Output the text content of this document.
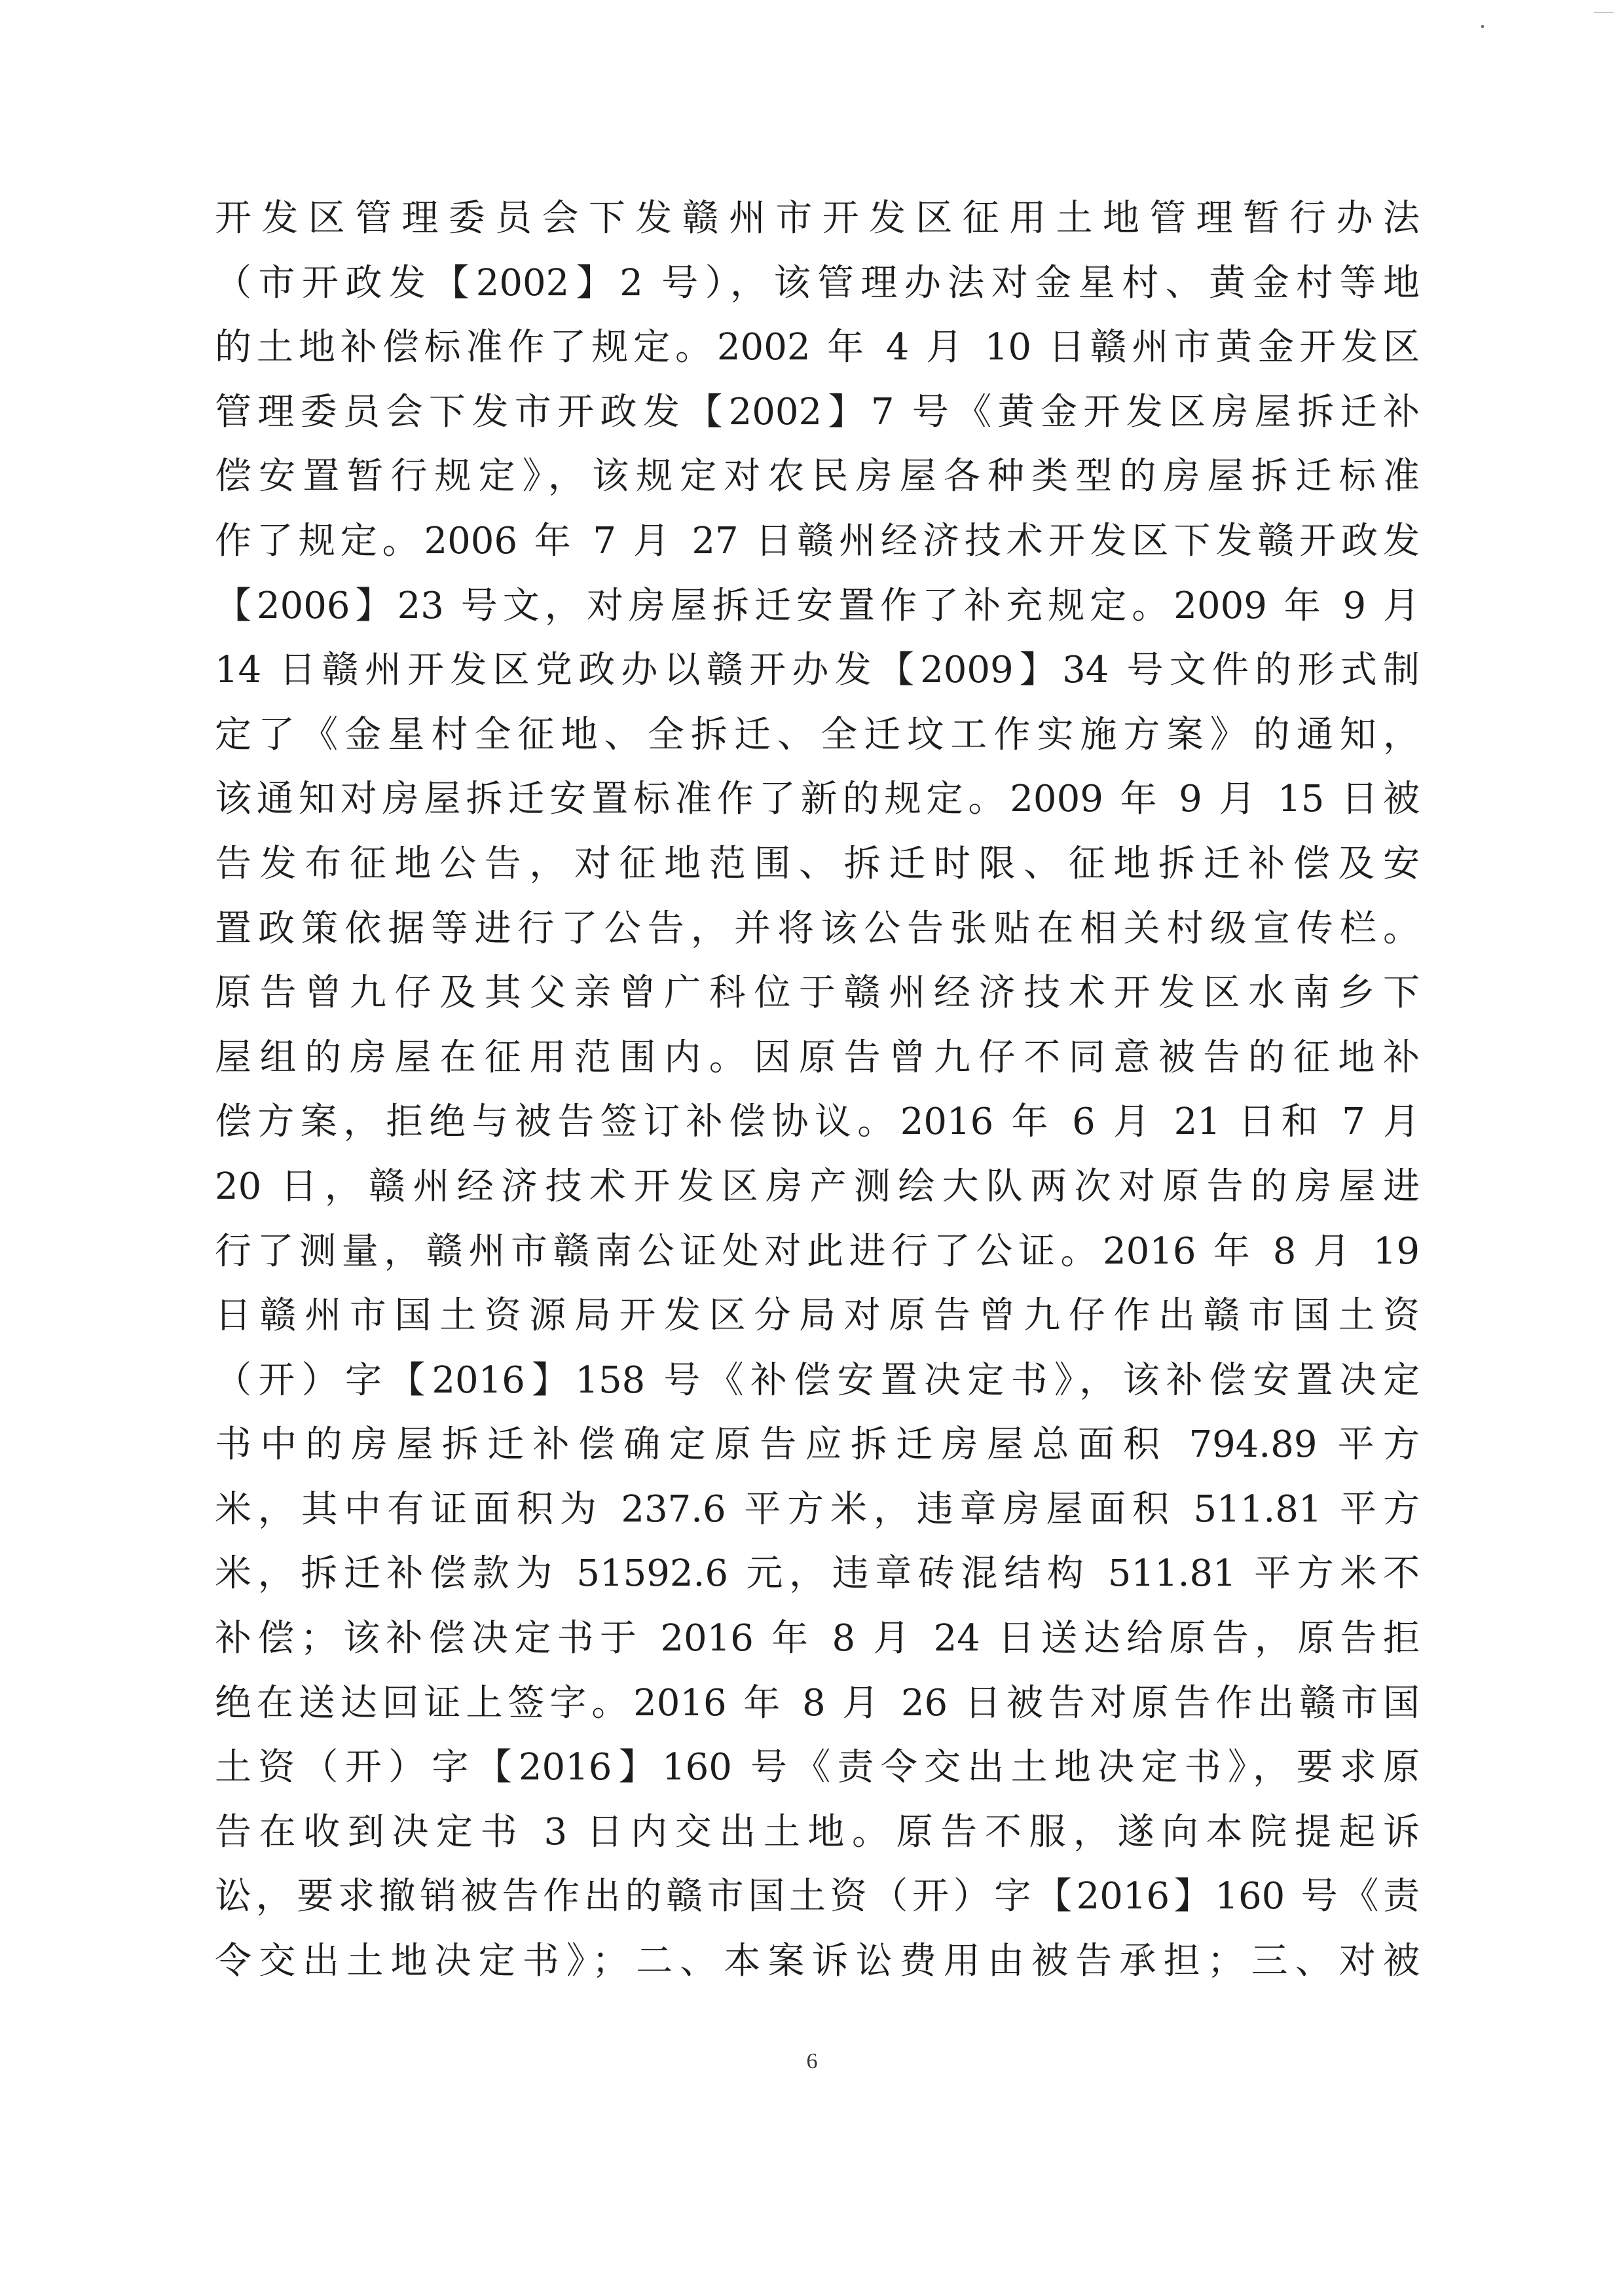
开发区管理委员会下发赣州市开发区征用土地管理暂行办法
（市开政发【2002】2 号），该管理办法对金星村、黄金村等地
的土地补偿标准作了规定。2002 年 4 月 10 日赣州市黄金开发区
管理委员会下发市开政发【2002】7 号《黄金开发区房屋拆迁补
偿安置暂行规定》，该规定对农民房屋各种类型的房屋拆迁标准
作了规定。2006 年 7 月 27 日赣州经济技术开发区下发赣开政发
【2006】23 号文，对房屋拆迁安置作了补充规定。2009 年 9 月
14 日赣州开发区党政办以赣开办发【2009】34 号文件的形式制
定了《金星村全征地、全拆迁、全迁坟工作实施方案》的通知，
该通知对房屋拆迁安置标准作了新的规定。2009 年 9 月 15 日被
告发布征地公告，对征地范围、拆迁时限、征地拆迁补偿及安
置政策依据等进行了公告，并将该公告张贴在相关村级宣传栏。
原告曾九仔及其父亲曾广科位于赣州经济技术开发区水南乡下
屋组的房屋在征用范围内。因原告曾九仔不同意被告的征地补
偿方案，拒绝与被告签订补偿协议。2016 年 6 月 21 日和 7 月
20 日，赣州经济技术开发区房产测绘大队两次对原告的房屋进
行了测量，赣州市赣南公证处对此进行了公证。2016 年 8 月 19
日赣州市国土资源局开发区分局对原告曾九仔作出赣市国土资
（开）字【2016】158 号《补偿安置决定书》，该补偿安置决定
书中的房屋拆迁补偿确定原告应拆迁房屋总面积 794.89 平方
米，其中有证面积为 237.6 平方米，违章房屋面积 511.81 平方
米，拆迁补偿款为 51592.6 元，违章砖混结构 511.81 平方米不
补偿；该补偿决定书于 2016 年 8 月 24 日送达给原告，原告拒
绝在送达回证上签字。2016 年 8 月 26 日被告对原告作出赣市国
土资（开）字【2016】160 号《责令交出土地决定书》，要求原
告在收到决定书 3 日内交出土地。原告不服，遂向本院提起诉
讼，要求撤销被告作出的赣市国土资（开）字【2016】160 号《责
令交出土地决定书》；二、本案诉讼费用由被告承担；三、对被
6
